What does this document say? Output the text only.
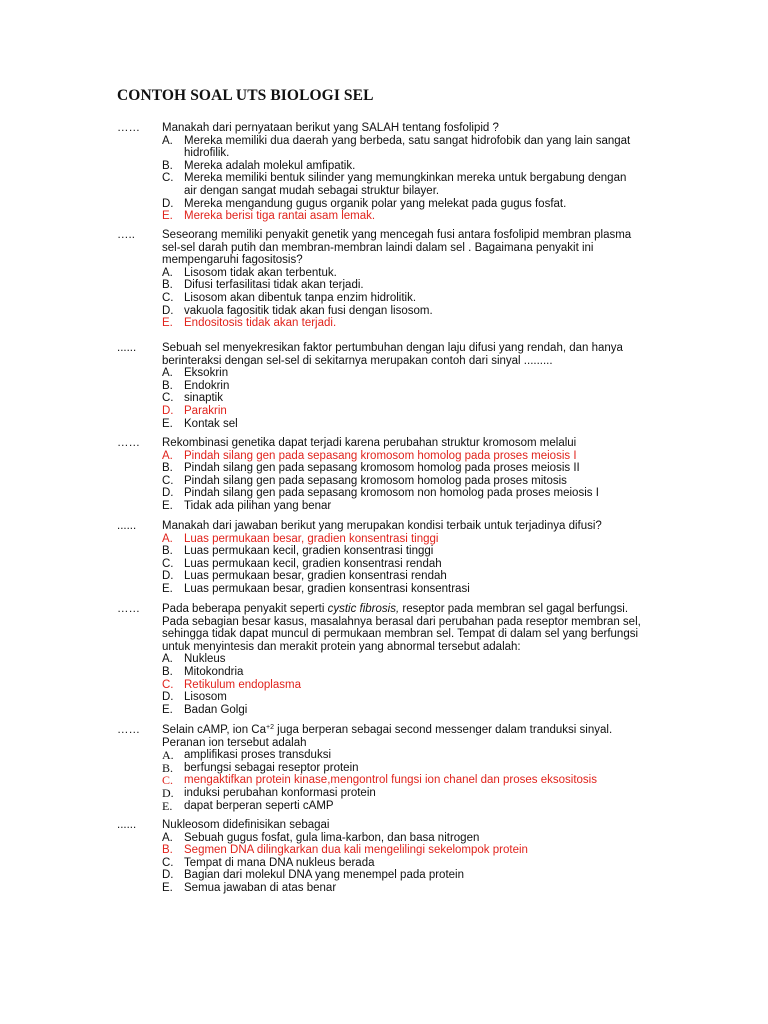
CONTOH SOAL UTS BIOLOGI SEL
……	Manakah dari pernyataan berikut yang SALAH tentang fosfolipid ?
A. Mereka memiliki dua daerah yang berbeda, satu sangat hidrofobik dan yang lain sangat
hidrofilik.
B. Mereka adalah molekul amfipatik.
C. Mereka memiliki bentuk silinder yang memungkinkan mereka untuk bergabung dengan
air dengan sangat mudah sebagai struktur bilayer.
D. Mereka mengandung gugus organik polar yang melekat pada gugus fosfat.
E. Mereka berisi tiga rantai asam lemak.
…..	Seseorang memiliki penyakit genetik yang mencegah fusi antara fosfolipid membran plasma
sel-sel darah putih dan membran-membran laindi dalam sel . Bagaimana penyakit ini
mempengaruhi fagositosis?
A. Lisosom tidak akan terbentuk.
B. Difusi terfasilitasi tidak akan terjadi.
C. Lisosom akan dibentuk tanpa enzim hidrolitik.
D. vakuola fagositik tidak akan fusi dengan lisosom.
E. Endositosis tidak akan terjadi.
......	Sebuah sel menyekresikan faktor pertumbuhan dengan laju difusi yang rendah, dan hanya
berinteraksi dengan sel-sel di sekitarnya merupakan contoh dari sinyal .........
A. Eksokrin
B. Endokrin
C. sinaptik
D. Parakrin
E. Kontak sel
……	Rekombinasi genetika dapat terjadi karena perubahan struktur kromosom melalui
A. Pindah silang gen pada sepasang kromosom homolog pada proses meiosis I
B. Pindah silang gen pada sepasang kromosom homolog pada proses meiosis II
C. Pindah silang gen pada sepasang kromosom homolog pada proses mitosis
D. Pindah silang gen pada sepasang kromosom non homolog pada proses meiosis I
E. Tidak ada pilihan yang benar
......	Manakah dari jawaban berikut yang merupakan kondisi terbaik untuk terjadinya difusi?
A. Luas permukaan besar, gradien konsentrasi tinggi
B. Luas permukaan kecil, gradien konsentrasi tinggi
C. Luas permukaan kecil, gradien konsentrasi rendah
D. Luas permukaan besar, gradien konsentrasi rendah
E. Luas permukaan besar, gradien konsentrasi konsentrasi
……	Pada beberapa penyakit seperti cystic fibrosis, reseptor pada membran sel gagal berfungsi.
Pada sebagian besar kasus, masalahnya berasal dari perubahan pada reseptor membran sel,
sehingga tidak dapat muncul di permukaan membran sel. Tempat di dalam sel yang berfungsi
untuk menyintesis dan merakit protein yang abnormal tersebut adalah:
A. Nukleus
B. Mitokondria
C. Retikulum endoplasma
D. Lisosom
E. Badan Golgi
……	Selain cAMP, ion $Ca^{+2}$ juga berperan sebagai second messenger dalam tranduksi sinyal.
Peranan ion tersebut adalah
A. amplifikasi proses transduksi
B. berfungsi sebagai reseptor protein
C. mengaktifkan protein kinase,mengontrol fungsi ion chanel dan proses eksositosis
D. induksi perubahan konformasi protein
E. dapat berperan seperti cAMP
......	Nukleosom didefinisikan sebagai
A. Sebuah gugus fosfat, gula lima-karbon, dan basa nitrogen
B. Segmen DNA dilingkarkan dua kali mengelilingi sekelompok protein
C. Tempat di mana DNA nukleus berada
D. Bagian dari molekul DNA yang menempel pada protein
E. Semua jawaban di atas benar
